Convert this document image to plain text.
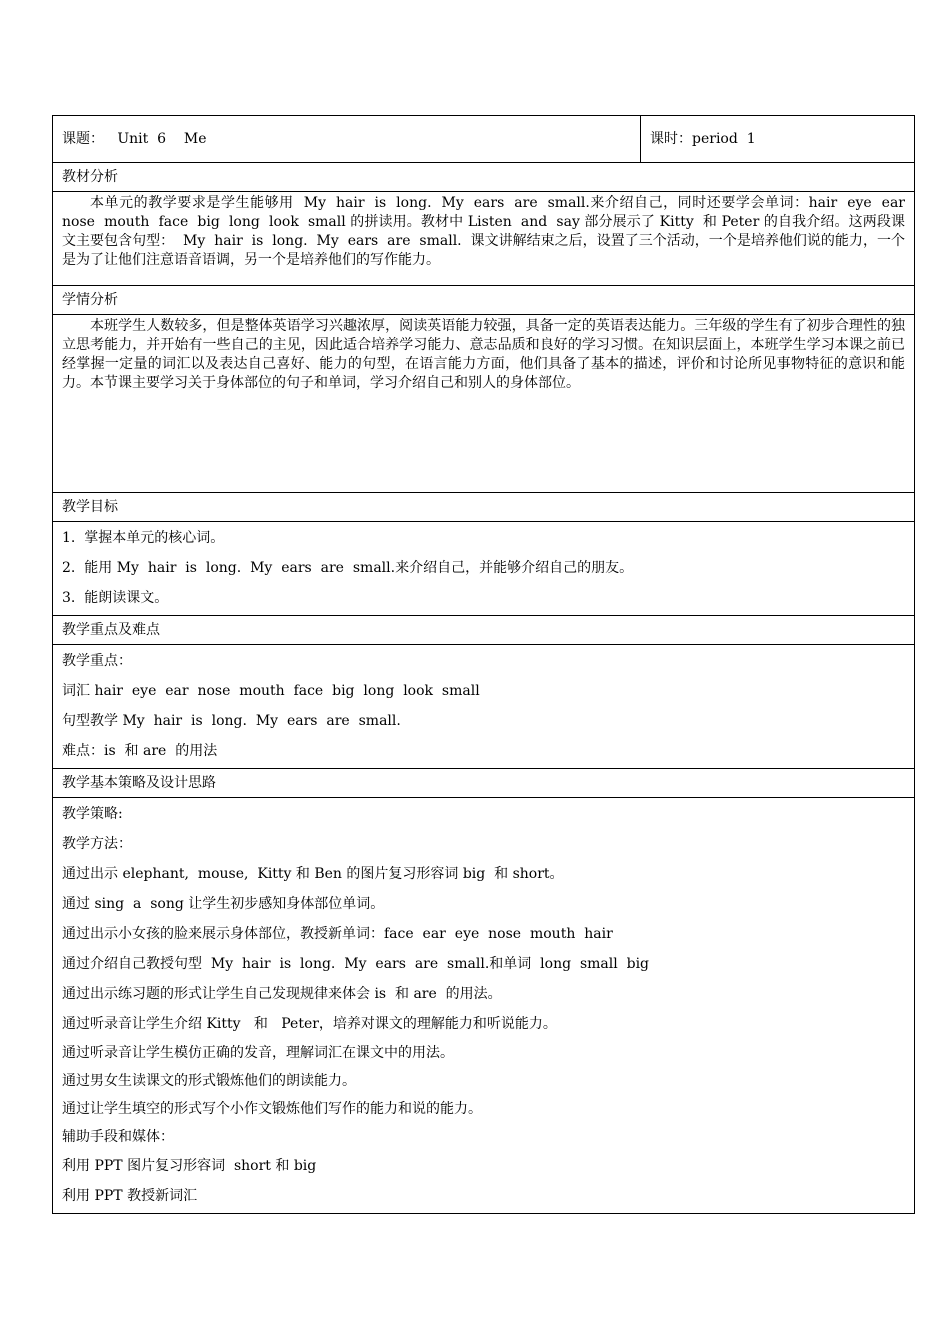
课题： Unit  6    Me	课时：period  1
教材分析

本单元的教学要求是学生能够用  My  hair  is  long.  My  ears  are  small.来介绍自己，同时还要学会单词：hair  eye  ear  nose  mouth  face  big  long  look  small 的拼读用。教材中 Listen  and  say 部分展示了 Kitty  和 Peter 的自我介绍。这两段课文主要包含句型：  My  hair  is  long.  My  ears  are  small.  课文讲解结束之后，设置了三个活动，一个是培养他们说的能力，一个是为了让他们注意语音语调，另一个是培养他们的写作能力。

学情分析

本班学生人数较多，但是整体英语学习兴趣浓厚，阅读英语能力较强，具备一定的英语表达能力。三年级的学生有了初步合理性的独立思考能力，并开始有一些自己的主见，因此适合培养学习能力、意志品质和良好的学习习惯。在知识层面上，本班学生学习本课之前已经掌握一定量的词汇以及表达自己喜好、能力的句型，在语言能力方面，他们具备了基本的描述，评价和讨论所见事物特征的意识和能力。本节课主要学习关于身体部位的句子和单词，学习介绍自己和别人的身体部位。

教学目标

1.  掌握本单元的核心词。
2.  能用 My  hair  is  long.  My  ears  are  small.来介绍自己，并能够介绍自己的朋友。
3.  能朗读课文。

教学重点及难点

教学重点：
词汇 hair  eye  ear  nose  mouth  face  big  long  look  small
句型教学 My  hair  is  long.  My  ears  are  small.
难点：is  和 are  的用法

教学基本策略及设计思路

教学策略:
教学方法：
通过出示 elephant,  mouse,  Kitty 和 Ben 的图片复习形容词 big  和 short。
通过 sing  a  song 让学生初步感知身体部位单词。
通过出示小女孩的脸来展示身体部位，教授新单词：face  ear  eye  nose  mouth  hair
通过介绍自己教授句型  My  hair  is  long.  My  ears  are  small.和单词  long  small  big
通过出示练习题的形式让学生自己发现规律来体会 is  和 are  的用法。
通过听录音让学生介绍 Kitty   和   Peter，培养对课文的理解能力和听说能力。
通过听录音让学生模仿正确的发音，理解词汇在课文中的用法。
通过男女生读课文的形式锻炼他们的朗读能力。
通过让学生填空的形式写个小作文锻炼他们写作的能力和说的能力。
辅助手段和媒体：
利用 PPT 图片复习形容词  short 和 big
利用 PPT 教授新词汇
